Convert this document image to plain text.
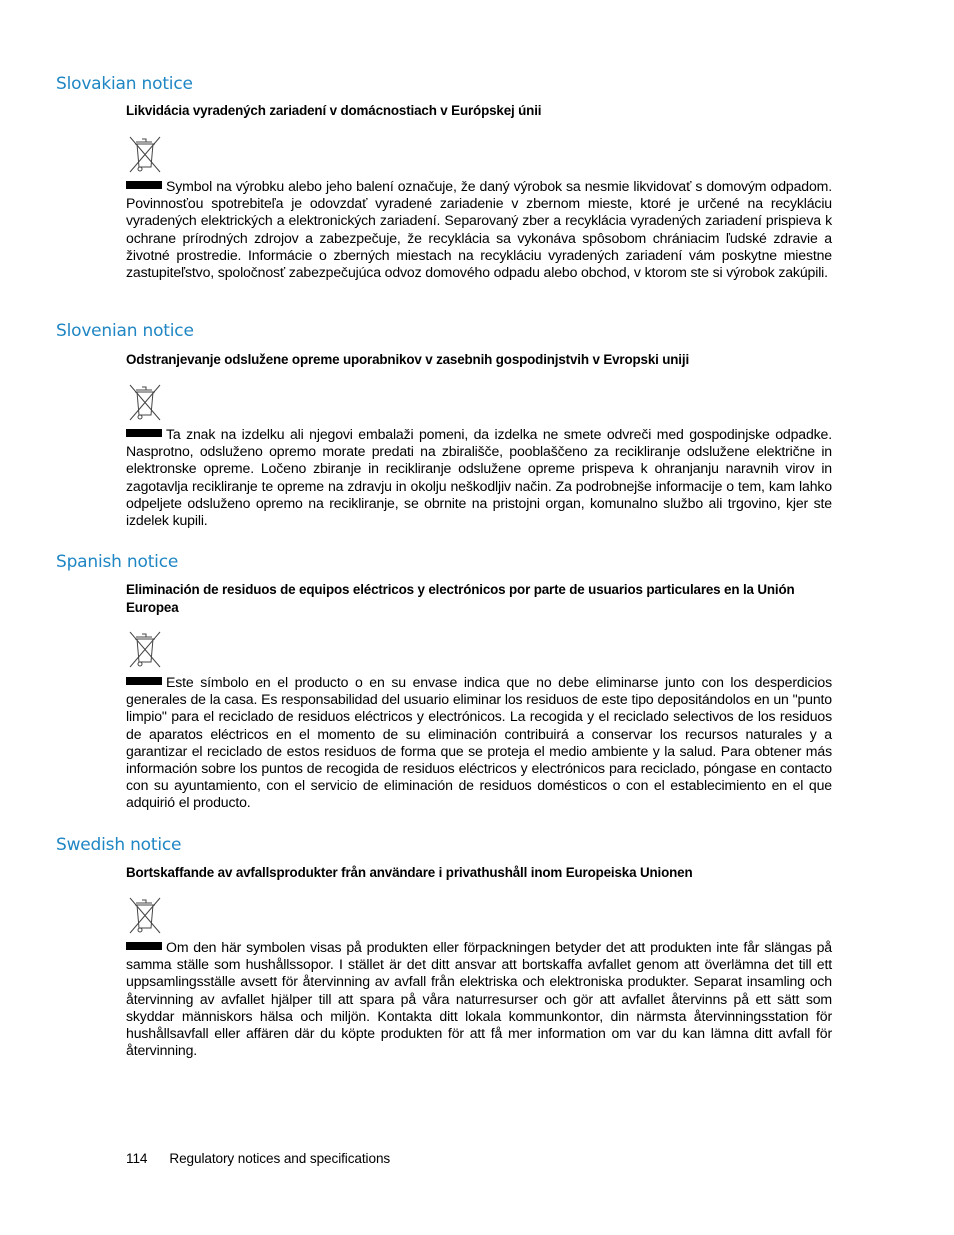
Slovakian notice

Likvidácia vyradených zariadení v domácnostiach v Európskej únii

Symbol na výrobku alebo jeho balení označuje, že daný výrobok sa nesmie likvidovať s domovým odpadom. Povinnosťou spotrebiteľa je odovzdať vyradené zariadenie v zbernom mieste, ktoré je určené na recykláciu vyradených elektrických a elektronických zariadení. Separovaný zber a recyklácia vyradených zariadení prispieva k ochrane prírodných zdrojov a zabezpečuje, že recyklácia sa vykonáva spôsobom chrániacim ľudské zdravie a životné prostredie. Informácie o zberných miestach na recykláciu vyradených zariadení vám poskytne miestne zastupiteľstvo, spoločnosť zabezpečujúca odvoz domového odpadu alebo obchod, v ktorom ste si výrobok zakúpili.

Slovenian notice

Odstranjevanje odslužene opreme uporabnikov v zasebnih gospodinjstvih v Evropski uniji

Ta znak na izdelku ali njegovi embalaži pomeni, da izdelka ne smete odvreči med gospodinjske odpadke. Nasprotno, odsluženo opremo morate predati na zbirališče, pooblaščeno za recikliranje odslužene električne in elektronske opreme. Ločeno zbiranje in recikliranje odslužene opreme prispeva k ohranjanju naravnih virov in zagotavlja recikliranje te opreme na zdravju in okolju neškodljiv način. Za podrobnejše informacije o tem, kam lahko odpeljete odsluženo opremo na recikliranje, se obrnite na pristojni organ, komunalno službo ali trgovino, kjer ste izdelek kupili.

Spanish notice

Eliminación de residuos de equipos eléctricos y electrónicos por parte de usuarios particulares en la Unión Europea

Este símbolo en el producto o en su envase indica que no debe eliminarse junto con los desperdicios generales de la casa. Es responsabilidad del usuario eliminar los residuos de este tipo depositándolos en un "punto limpio" para el reciclado de residuos eléctricos y electrónicos. La recogida y el reciclado selectivos de los residuos de aparatos eléctricos en el momento de su eliminación contribuirá a conservar los recursos naturales y a garantizar el reciclado de estos residuos de forma que se proteja el medio ambiente y la salud. Para obtener más información sobre los puntos de recogida de residuos eléctricos y electrónicos para reciclado, póngase en contacto con su ayuntamiento, con el servicio de eliminación de residuos domésticos o con el establecimiento en el que adquirió el producto.

Swedish notice

Bortskaffande av avfallsprodukter från användare i privathushåll inom Europeiska Unionen

Om den här symbolen visas på produkten eller förpackningen betyder det att produkten inte får slängas på samma ställe som hushållssopor. I stället är det ditt ansvar att bortskaffa avfallet genom att överlämna det till ett uppsamlingsställe avsett för återvinning av avfall från elektriska och elektroniska produkter. Separat insamling och återvinning av avfallet hjälper till att spara på våra naturresurser och gör att avfallet återvinns på ett sätt som skyddar människors hälsa och miljön. Kontakta ditt lokala kommunkontor, din närmsta återvinningsstation för hushållsavfall eller affären där du köpte produkten för att få mer information om var du kan lämna ditt avfall för återvinning.

114 Regulatory notices and specifications
